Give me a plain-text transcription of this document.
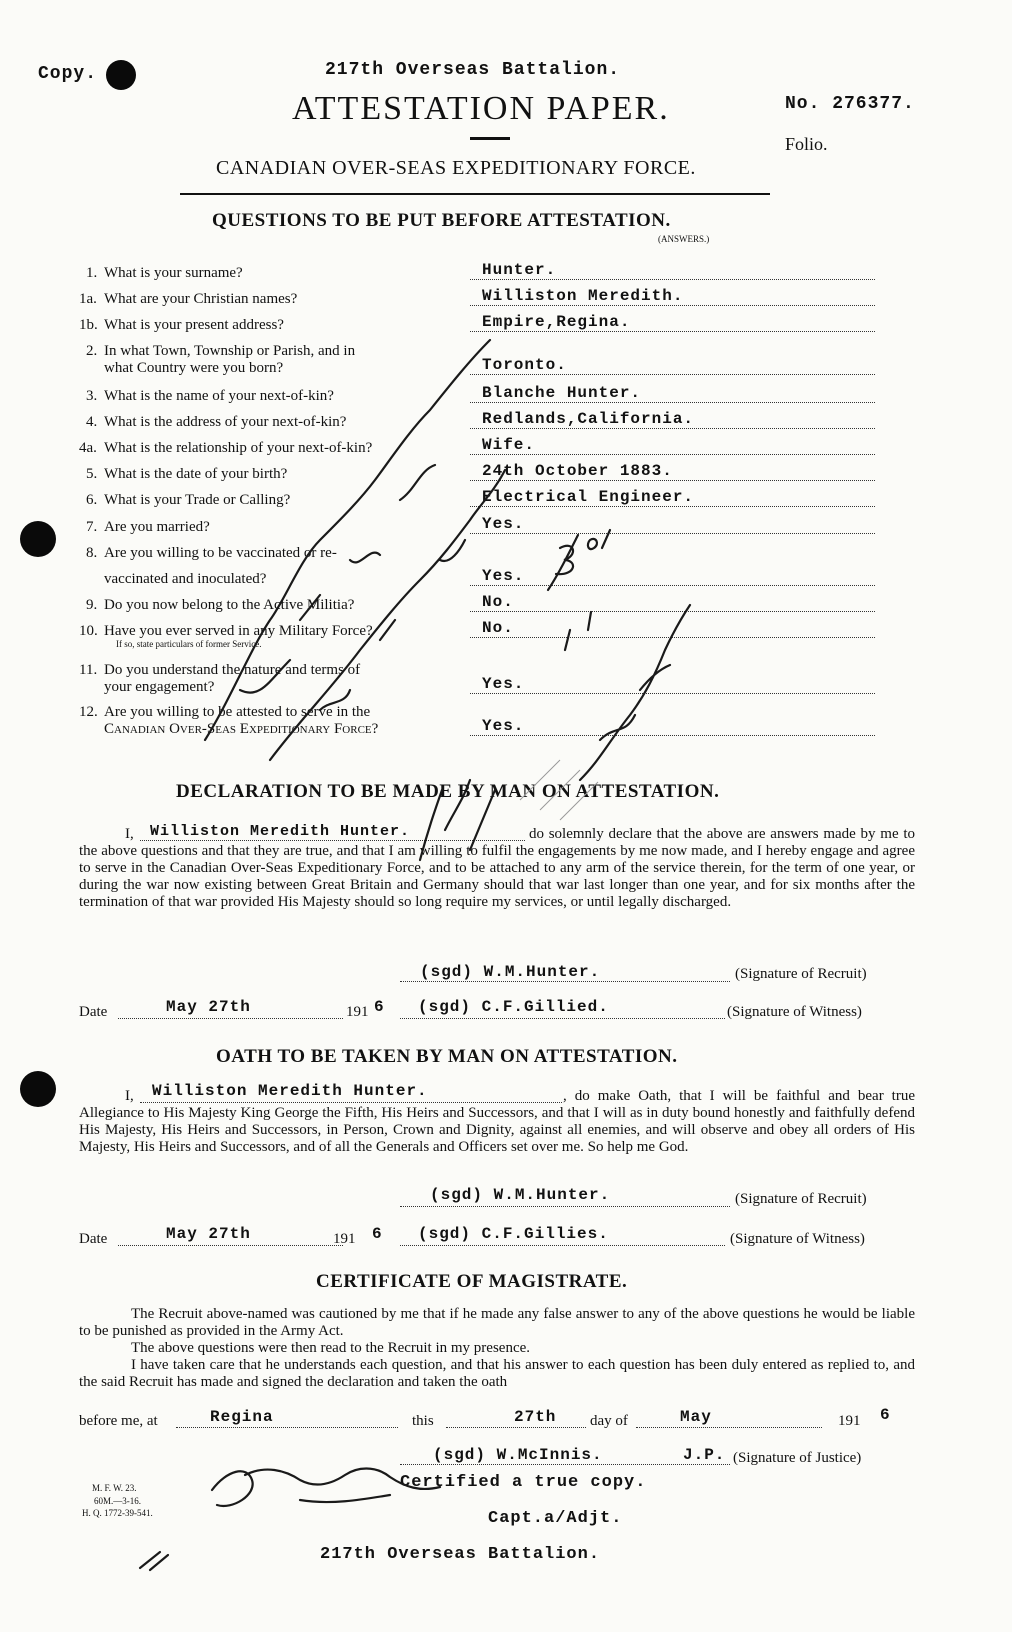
Copy.	217th Overseas Battalion.
ATTESTATION PAPER.	No. 276377.
Folio.
CANADIAN OVER-SEAS EXPEDITIONARY FORCE.
QUESTIONS TO BE PUT BEFORE ATTESTATION.
(ANSWERS.)
1. What is your surname?	Hunter.
1a. What are your Christian names?	Williston Meredith.
1b. What is your present address?	Empire,Regina.
2. In what Town, Township or Parish, and in
what Country were you born?	Toronto.
3. What is the name of your next-of-kin?	Blanche Hunter.
4. What is the address of your next-of-kin?	Redlands,California.
4a. What is the relationship of your next-of-kin?	Wife.
5. What is the date of your birth?	24th October 1883.
6. What is your Trade or Calling?	Electrical Engineer.
7. Are you married?	Yes.
8. Are you willing to be vaccinated or re-
vaccinated and inoculated?	Yes.
9. Do you now belong to the Active Militia?	No.
10. Have you ever served in any Military Force?
If so, state particulars of former Service.
No.
11. Do you understand the nature and terms of
your engagement?	Yes.
12. Are you willing to be attested to serve in the
Canadian Over-Seas Expeditionary Force?	Yes.
DECLARATION TO BE MADE BY MAN ON ATTESTATION.
I, Williston Meredith Hunter.	do solemnly declare that the above are answers made by me to the above questions and that they are true, and that I am willing to fulfil the engagements by me now made, and I hereby engage and agree to serve in the Canadian Over-Seas Expeditionary Force, and to be attached to any arm of the service therein, for the term of one year, or during the war now existing between Great Britain and Germany should that war last longer than one year, and for six months after the termination of that war provided His Majesty should so long require my services, or until legally discharged.
(sgd) W.M.Hunter.	(Signature of Recruit)
Date	May 27th	191 6 (sgd) C.F.Gillied.	(Signature of Witness)
OATH TO BE TAKEN BY MAN ON ATTESTATION.
I, Williston Meredith Hunter.	, do make Oath, that I will be faithful and bear true Allegiance to His Majesty King George the Fifth, His Heirs and Successors, and that I will as in duty bound honestly and faithfully defend His Majesty, His Heirs and Successors, in Person, Crown and Dignity, against all enemies, and will observe and obey all orders of His Majesty, His Heirs and Successors, and of all the Generals and Officers set over me. So help me God.
(sgd) W.M.Hunter.	(Signature of Recruit)
Date	May 27th	191 6 (sgd) C.F.Gillies.	(Signature of Witness)
CERTIFICATE OF MAGISTRATE.
The Recruit above-named was cautioned by me that if he made any false answer to any of the above questions he would be liable to be punished as provided in the Army Act.
The above questions were then read to the Recruit in my presence.
I have taken care that he understands each question, and that his answer to each question has been duly entered as replied to, and the said Recruit has made and signed the declaration and taken the oath
before me, at	Regina	this	27th day of	May	191 6
(sgd) W.McInnis.	J.P. (Signature of Justice)
M. F. W. 23.
60M.—3-16.
H. Q. 1772-39-541.
Certified a true copy.
Capt.a/Adjt.
217th Overseas Battalion.
